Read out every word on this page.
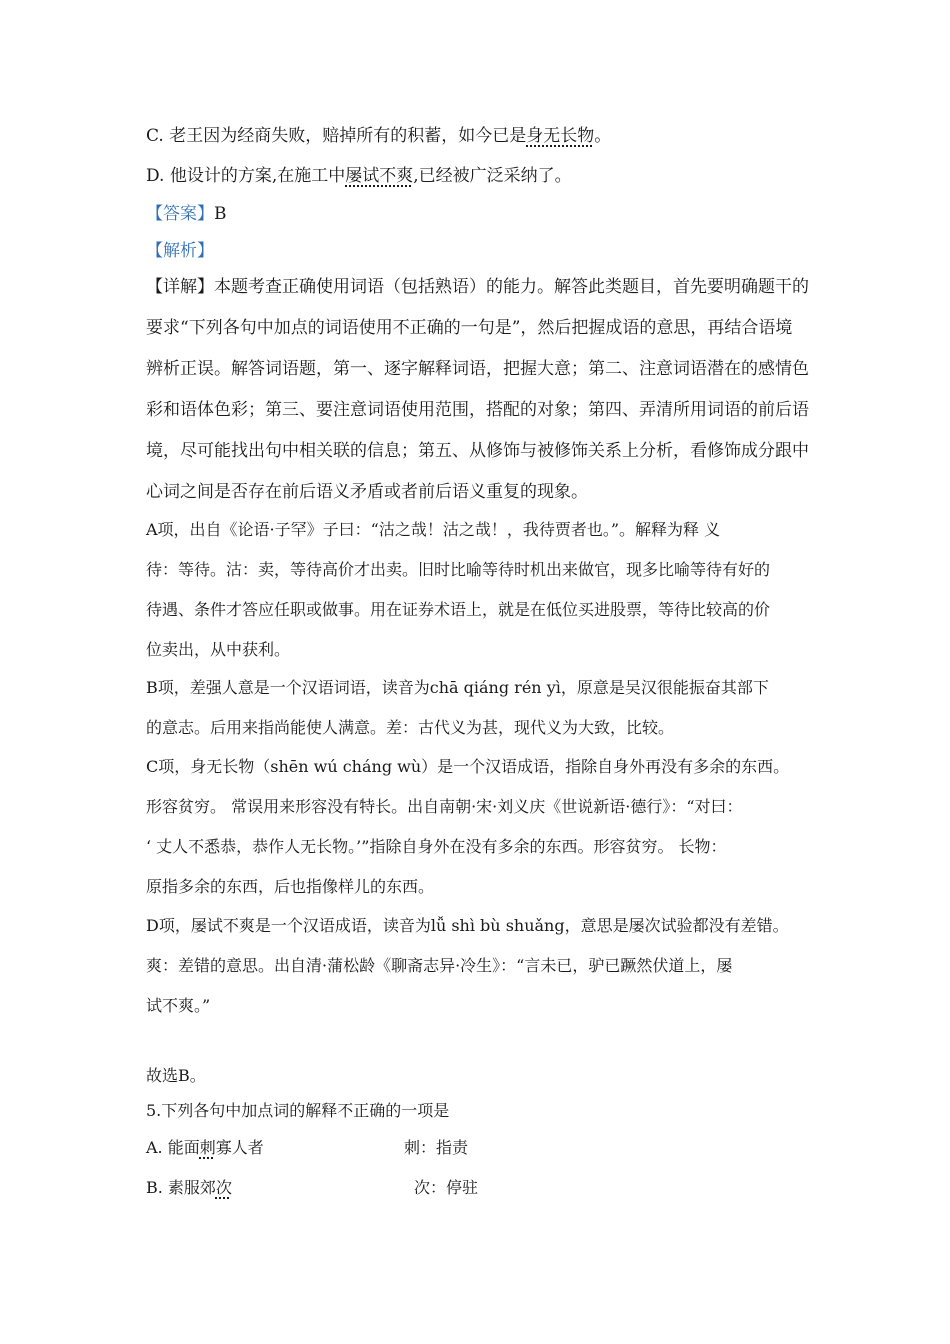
C. 老王因为经商失败，赔掉所有的积蓄，如今已是身无长物。
D. 他设计的方案,在施工中屡试不爽,已经被广泛采纳了。
【答案】B
【解析】
【详解】本题考查正确使用词语（包括熟语）的能力。解答此类题目，首先要明确题干的
要求“下列各句中加点的词语使用不正确的一句是”，然后把握成语的意思，再结合语境
辨析正误。解答词语题，第一、逐字解释词语，把握大意；第二、注意词语潜在的感情色
彩和语体色彩；第三、要注意词语使用范围，搭配的对象；第四、弄清所用词语的前后语
境，尽可能找出句中相关联的信息；第五、从修饰与被修饰关系上分析，看修饰成分跟中
心词之间是否存在前后语义矛盾或者前后语义重复的现象。
A项，出自《论语·子罕》子曰：“沽之哉！沽之哉！，我待贾者也。”。解释为释 义
待：等待。沽：卖，等待高价才出卖。旧时比喻等待时机出来做官，现多比喻等待有好的
待遇、条件才答应任职或做事。用在证券术语上，就是在低位买进股票，等待比较高的价
位卖出，从中获利。
B项，差强人意是一个汉语词语，读音为chā qiáng rén yì，原意是吴汉很能振奋其部下
的意志。后用来指尚能使人满意。差：古代义为甚，现代义为大致，比较。
C项，身无长物（shēn wú cháng wù）是一个汉语成语，指除自身外再没有多余的东西。
形容贫穷。 常误用来形容没有特长。出自南朝·宋·刘义庆《世说新语·德行》：“对曰：
‘ 丈人不悉恭，恭作人无长物。’”指除自身外在没有多余的东西。形容贫穷。 长物：
原指多余的东西，后也指像样儿的东西。
D项，屡试不爽是一个汉语成语，读音为lǚ shì bù shuǎng，意思是屡次试验都没有差错。
爽：差错的意思。出自清·蒲松龄《聊斋志异·冷生》：“言未已，驴已蹶然伏道上，屡
试不爽。”
故选B。
5.下列各句中加点词的解释不正确的一项是
A. 能面刺寡人者	刺：指责
B. 素服郊次	次：停驻
